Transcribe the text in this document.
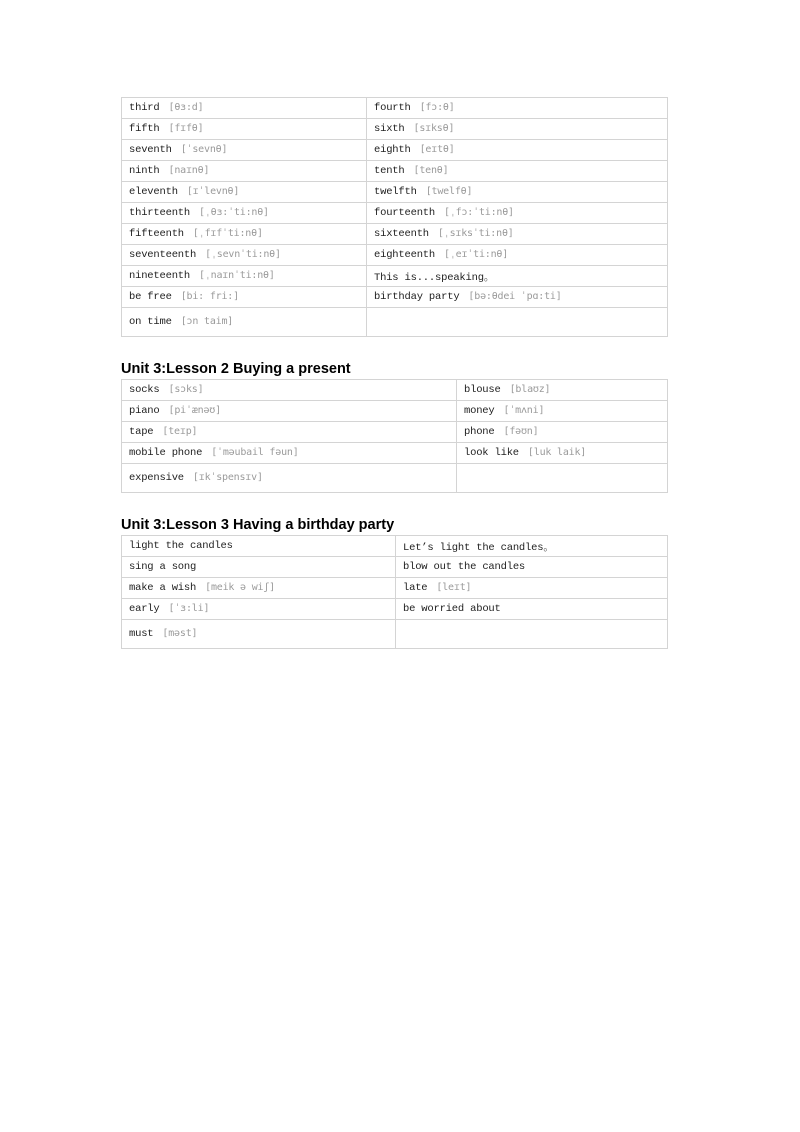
third [θɜ:d]	fourth [fɔ:θ]
fifth [fɪfθ]	sixth [sɪksθ]
seventh [ˈsevnθ]	eighth [eɪtθ]
ninth [naɪnθ]	tenth [tenθ]
eleventh [ɪˈlevnθ]	twelfth [twelfθ]
thirteenth [ˌθɜ:ˈti:nθ]	fourteenth [ˌfɔ:ˈti:nθ]
fifteenth [ˌfɪfˈti:nθ]	sixteenth [ˌsɪksˈti:nθ]
seventeenth [ˌsevnˈti:nθ]	eighteenth [ˌeɪˈti:nθ]
nineteenth [ˌnaɪnˈti:nθ]	This is...speaking。
be free [bi: fri:]	birthday party [bə:θdei ˈpɑ:ti]
on time [ɔn taim]	
Unit 3:Lesson 2 Buying a present
socks [sɔks]	blouse [blaʊz]
piano [piˈænəʊ]	money [ˈmʌni]
tape [teɪp]	phone [fəʊn]
mobile phone [ˈməubail fəun]	look like [luk laik]
expensive [ɪkˈspensɪv]	
Unit 3:Lesson 3 Having a birthday party
light the candles	Let’s light the candles。
sing a song	blow out the candles
make a wish [meik ə wiʃ]	late [leɪt]
early [ˈɜ:li]	be worried about
must [məst]	
